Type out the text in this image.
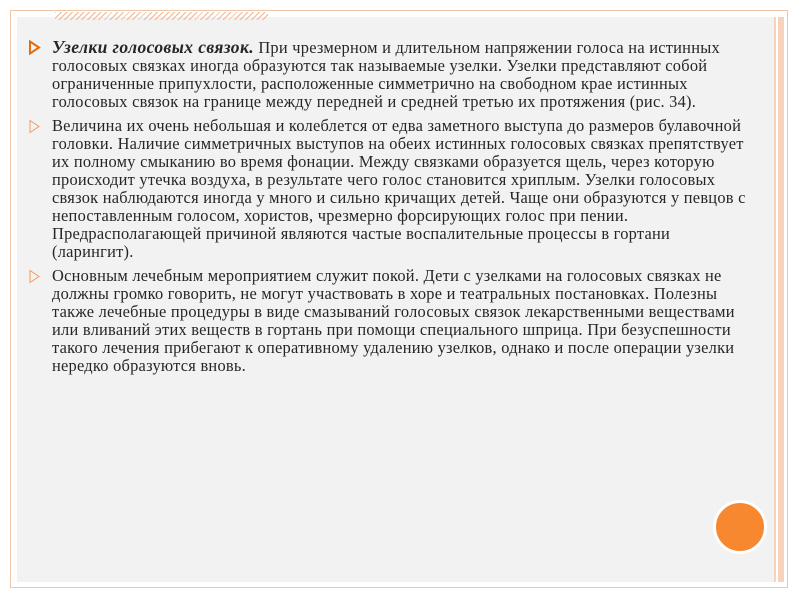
Узелки голосовых связок. При чрезмерном и длительном напряжении голоса на истинных голосовых связках иногда образуются так называемые узелки. Узелки представляют собой ограниченные припухлости, расположенные симметрично на свободном крае истинных голосовых связок на границе между передней и средней третью их протяжения (рис. 34).

Величина их очень небольшая и колеблется от едва заметного выступа до размеров булавочной головки. Наличие симметричных выступов на обеих истинных голосовых связках препятствует их полному смыканию во время фонации. Между связками образуется щель, через которую происходит утечка воздуха, в результате чего голос становится хриплым. Узелки голосовых связок наблюдаются иногда у много и сильно кричащих детей. Чаще они образуются у певцов с непоставленным голосом, хористов, чрезмерно форсирующих голос при пении. Предрасполагающей причиной являются частые воспалительные процессы в гортани (ларингит).

Основным лечебным мероприятием служит покой. Дети с узелками на голосовых связках не должны громко говорить, не могут участвовать в хоре и театральных постановках. Полезны также лечебные процедуры в виде смазываний голосовых связок лекарственными веществами или вливаний этих веществ в гортань при помощи специального шприца. При безуспешности такого лечения прибегают к оперативному удалению узелков, однако и после операции узелки нередко образуются вновь.
